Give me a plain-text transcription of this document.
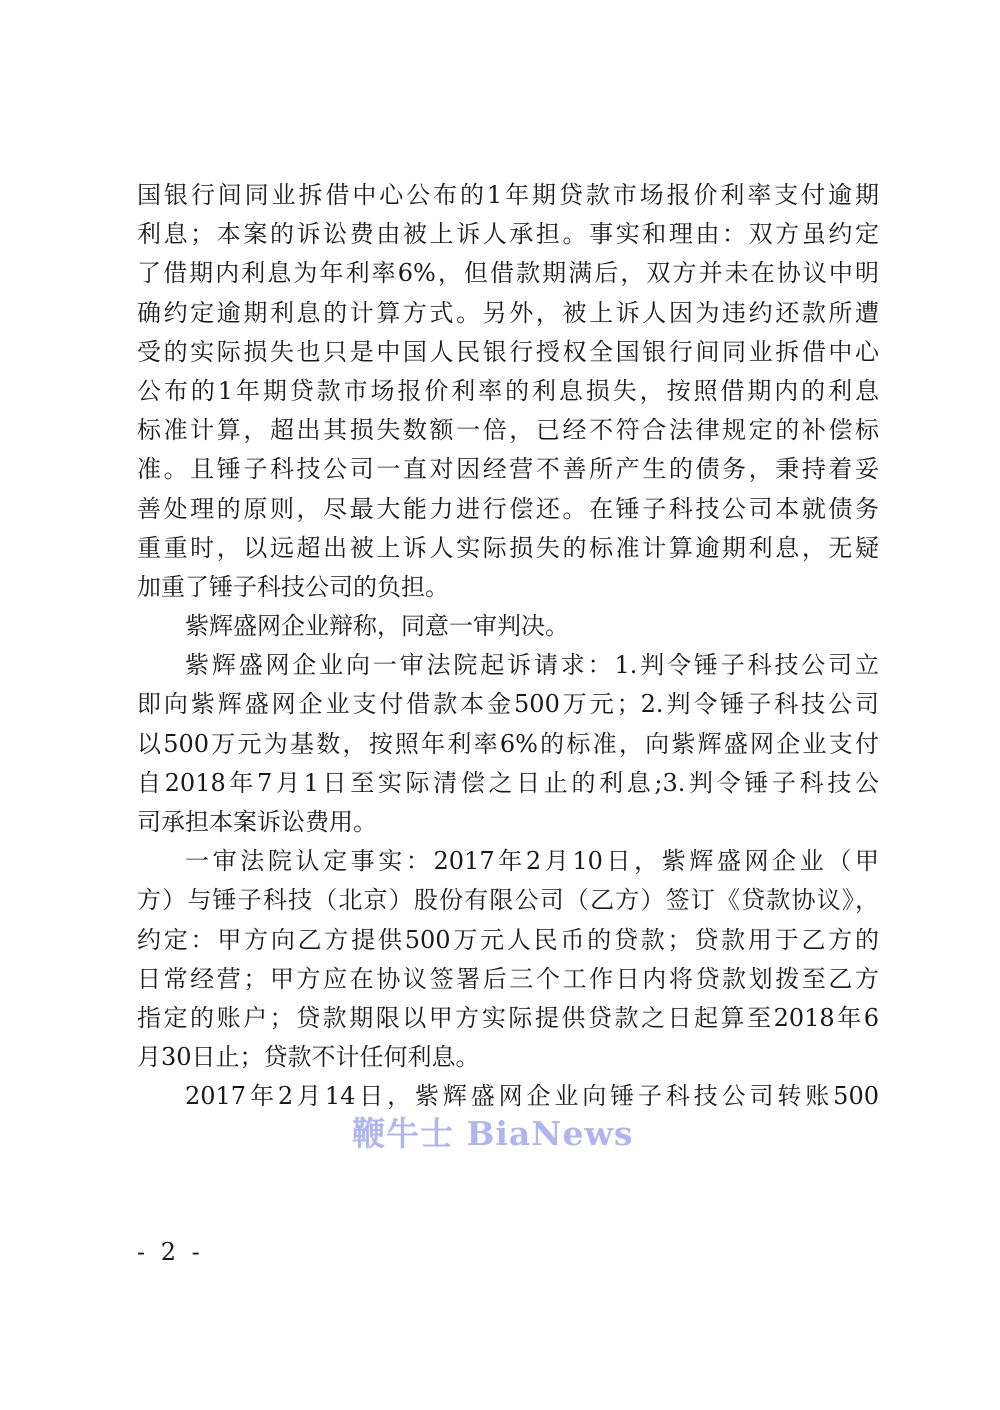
国银行间同业拆借中心公布的1年期贷款市场报价利率支付逾期
利息；本案的诉讼费由被上诉人承担。事实和理由：双方虽约定
了借期内利息为年利率6%，但借款期满后，双方并未在协议中明
确约定逾期利息的计算方式。另外，被上诉人因为违约还款所遭
受的实际损失也只是中国人民银行授权全国银行间同业拆借中心
公布的1年期贷款市场报价利率的利息损失，按照借期内的利息
标准计算，超出其损失数额一倍，已经不符合法律规定的补偿标
准。且锤子科技公司一直对因经营不善所产生的债务，秉持着妥
善处理的原则，尽最大能力进行偿还。在锤子科技公司本就债务
重重时，以远超出被上诉人实际损失的标准计算逾期利息，无疑
加重了锤子科技公司的负担。
紫辉盛网企业辩称，同意一审判决。
紫辉盛网企业向一审法院起诉请求：1.判令锤子科技公司立
即向紫辉盛网企业支付借款本金500万元；2.判令锤子科技公司
以500万元为基数，按照年利率6%的标准，向紫辉盛网企业支付
自2018年7月1日至实际清偿之日止的利息;3.判令锤子科技公
司承担本案诉讼费用。
一审法院认定事实：2017年2月10日，紫辉盛网企业（甲
方）与锤子科技（北京）股份有限公司（乙方）签订《贷款协议》，
约定：甲方向乙方提供500万元人民币的贷款；贷款用于乙方的
日常经营；甲方应在协议签署后三个工作日内将贷款划拨至乙方
指定的账户；贷款期限以甲方实际提供贷款之日起算至2018年6
月30日止；贷款不计任何利息。
2017年2月14日，紫辉盛网企业向锤子科技公司转账500
鞭牛士 BiaNews
- 2 -
